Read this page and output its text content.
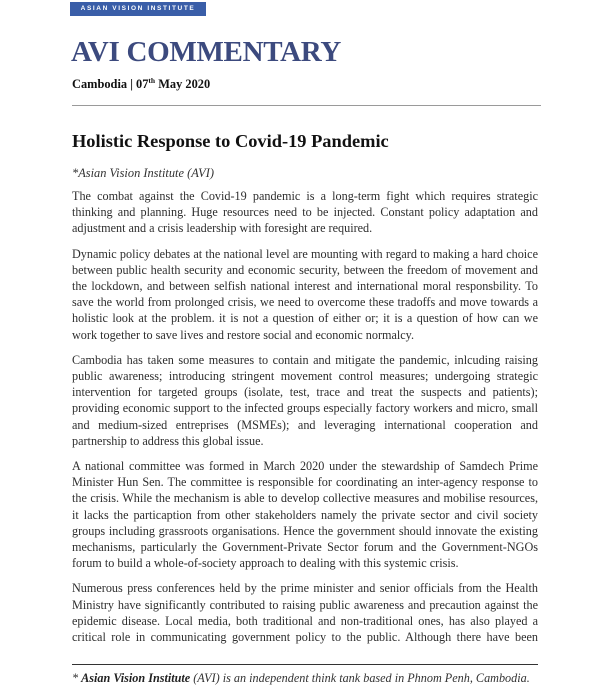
ASIAN VISION INSTITUTE
AVI COMMENTARY
Cambodia | 07th May 2020
Holistic Response to Covid-19 Pandemic
*Asian Vision Institute (AVI)

The combat against the Covid-19 pandemic is a long-term fight which requires strategic thinking and planning. Huge resources need to be injected. Constant policy adaptation and adjustment and a crisis leadership with foresight are required.

Dynamic policy debates at the national level are mounting with regard to making a hard choice between public health security and economic security, between the freedom of movement and the lockdown, and between selfish national interest and international moral responsbility. To save the world from prolonged crisis, we need to overcome these tradoffs and move towards a holistic look at the problem. it is not a question of either or; it is a question of how can we work together to save lives and restore social and economic normalcy.

Cambodia has taken some measures to contain and mitigate the pandemic, inlcuding raising public awareness; introducing stringent movement control measures; undergoing strategic intervention for targeted groups (isolate, test, trace and treat the suspects and patients); providing economic support to the infected groups especially factory workers and micro, small and medium-sized entreprises (MSMEs); and leveraging international cooperation and partnership to address this global issue.

A national committee was formed in March 2020 under the stewardship of Samdech Prime Minister Hun Sen. The committee is responsible for coordinating an inter-agency response to the crisis. While the mechanism is able to develop collective measures and mobilise resources, it lacks the particaption from other stakeholders namely the private sector and civil society groups including grassroots organisations. Hence the government should innovate the existing mechanisms, particularly the Government-Private Sector forum and the Government-NGOs forum to build a whole-of-society approach to dealing with this systemic crisis.

Numerous press conferences held by the prime minister and senior officials from the Health Ministry have significantly contributed to raising public awareness and precaution against the epidemic disease. Local media, both traditional and non-traditional ones, has also played a critical role in communicating government policy to the public. Although there have been

* Asian Vision Institute (AVI) is an independent think tank based in Phnom Penh, Cambodia.
